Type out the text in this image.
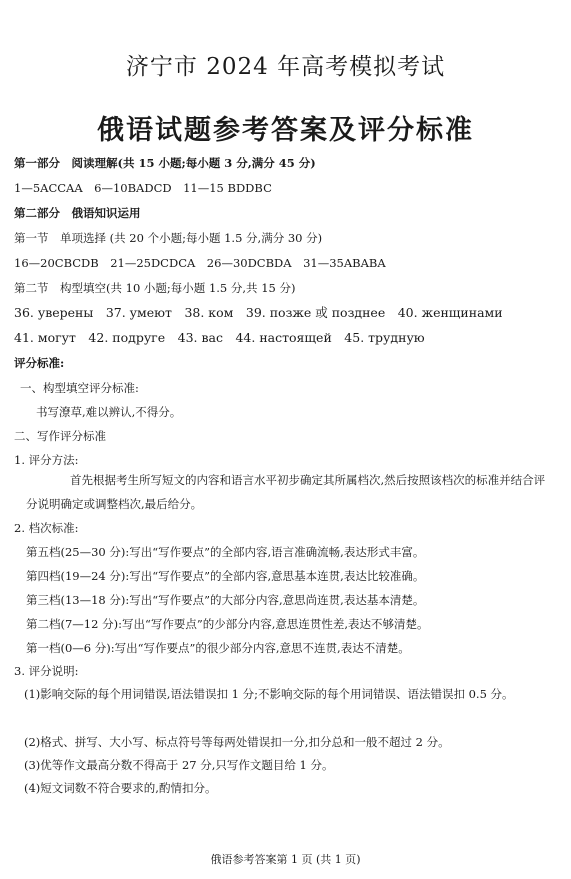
济宁市 2024 年高考模拟考试
俄语试题参考答案及评分标准
第一部分　阅读理解(共 15 小题;每小题 3 分,满分 45 分)
1—5ACCAA　6—10BADCD　11—15 BDDBC
第二部分　俄语知识运用
第一节　单项选择 (共 20 个小题;每小题 1.5 分,满分 30 分)
16—20CBCDB　21—25DCDCA　26—30DCBDA　31—35ABABA
第二节　构型填空(共 10 小题;每小题 1.5 分,共 15 分)
36. уверены　37. умеют　38. ком　39. позже 或 позднее　40. женщинами
41. могут　42. подруге　43. вас　44. настоящей　45. трудную
评分标准:
一、构型填空评分标准:
书写潦草,难以辨认,不得分。
二、写作评分标准
1. 评分方法:
首先根据考生所写短文的内容和语言水平初步确定其所属档次,然后按照该档次的标准并结合评分说明确定或调整档次,最后给分。
2. 档次标准:
第五档(25—30 分):写出“写作要点”的全部内容,语言准确流畅,表达形式丰富。
第四档(19—24 分):写出“写作要点”的全部内容,意思基本连贯,表达比较准确。
第三档(13—18 分):写出“写作要点”的大部分内容,意思尚连贯,表达基本清楚。
第二档(7—12 分):写出“写作要点”的少部分内容,意思连贯性差,表达不够清楚。
第一档(0—6 分):写出“写作要点”的很少部分内容,意思不连贯,表达不清楚。
3. 评分说明:
(1)影响交际的每个用词错误,语法错误扣 1 分;不影响交际的每个用词错误、语法错误扣 0.5 分。
(2)格式、拼写、大小写、标点符号等每两处错误扣一分,扣分总和一般不超过 2 分。
(3)优等作文最高分数不得高于 27 分,只写作文题目给 1 分。
(4)短文词数不符合要求的,酌情扣分。
俄语参考答案第 1 页 (共 1 页)
